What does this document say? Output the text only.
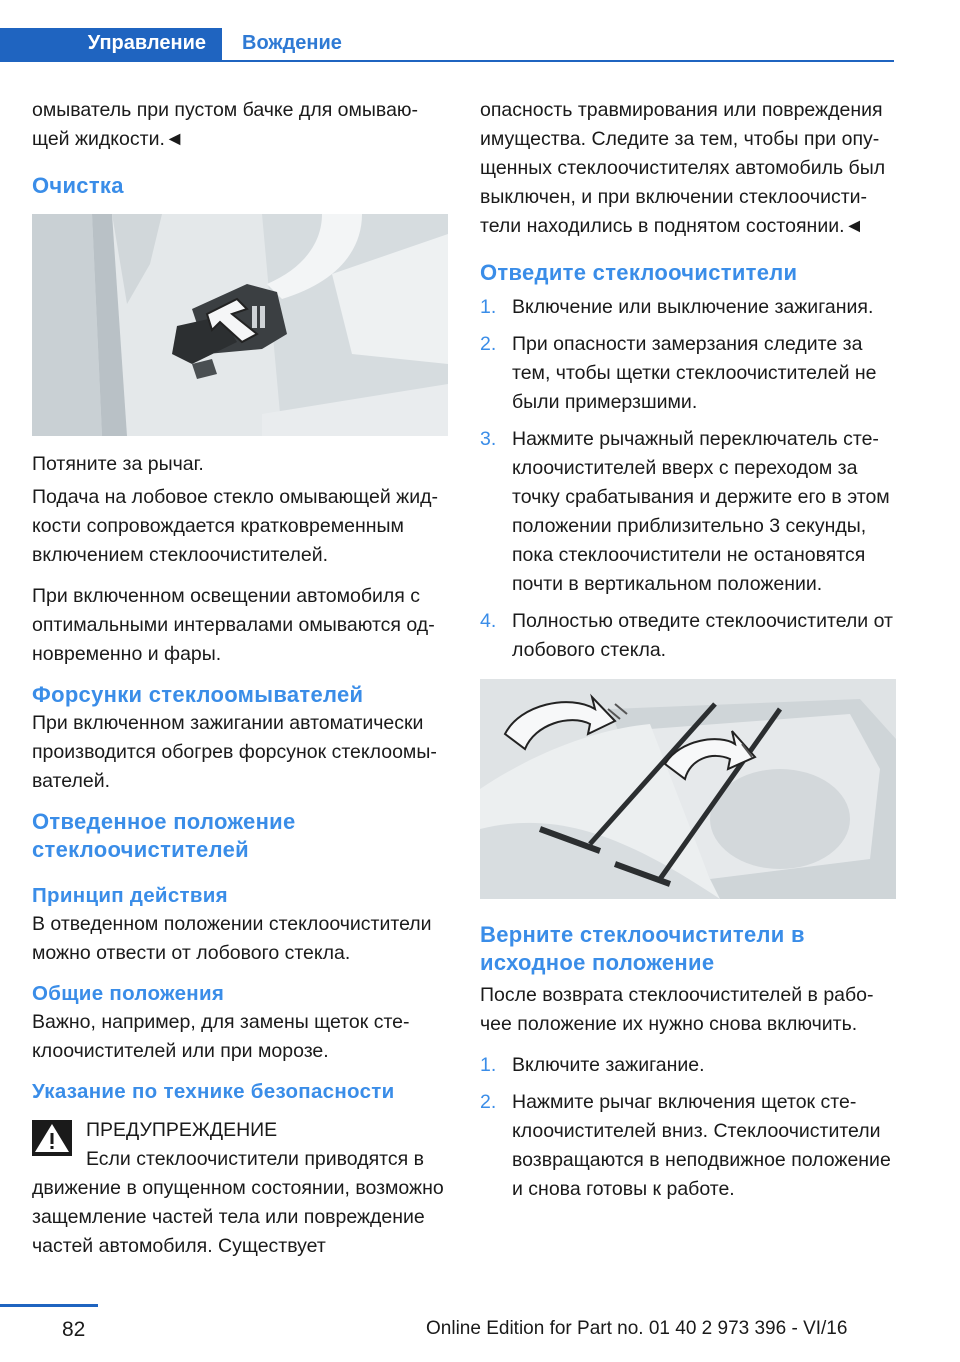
Управление Вождение

омыватель при пустом бачке для омывающей жидкости.◄

Очистка

Потяните за рычаг.

Подача на лобовое стекло омывающей жидкости сопровождается кратковременным включением стеклоочистителей.

При включенном освещении автомобиля с оптимальными интервалами омываются одновременно и фары.

Форсунки стеклоомывателей

При включенном зажигании автоматически производится обогрев форсунок стеклоомывателей.

Отведенное положение стеклоочистителей
Принцип действия

В отведенном положении стеклоочистители можно отвести от лобового стекла.

Общие положения

Важно, например, для замены щеток стеклоочистителей или при морозе.

Указание по технике безопасности
ПРЕДУПРЕЖДЕНИЕ
Если стеклоочистители приводятся в

движение в опущенном состоянии, возможно защемление частей тела или повреждение частей автомобиля. Существует

опасность травмирования или повреждения имущества. Следите за тем, чтобы при опущенных стеклоочистителях автомобиль был выключен, и при включении стеклоочистители находились в поднятом состоянии.◄

Отведите стеклоочистители
1. Включение или выключение зажигания.
2. При опасности замерзания следите за тем, чтобы щетки стеклоочистителей не были примерзшими.
3. Нажмите рычажный переключатель стеклоочистителей вверх с переходом за точку срабатывания и держите его в этом положении приблизительно 3 секунды, пока стеклоочистители не остановятся почти в вертикальном положении.
4. Полностью отведите стеклоочистители от лобового стекла.
Верните стеклоочистители в исходное положение

После возврата стеклоочистителей в рабочее положение их нужно снова включить.

1. Включите зажигание.
2. Нажмите рычаг включения щеток стеклоочистителей вниз. Стеклоочистители возвращаются в неподвижное положение и снова готовы к работе.
82	Online Edition for Part no. 01 40 2 973 396 - VI/16
